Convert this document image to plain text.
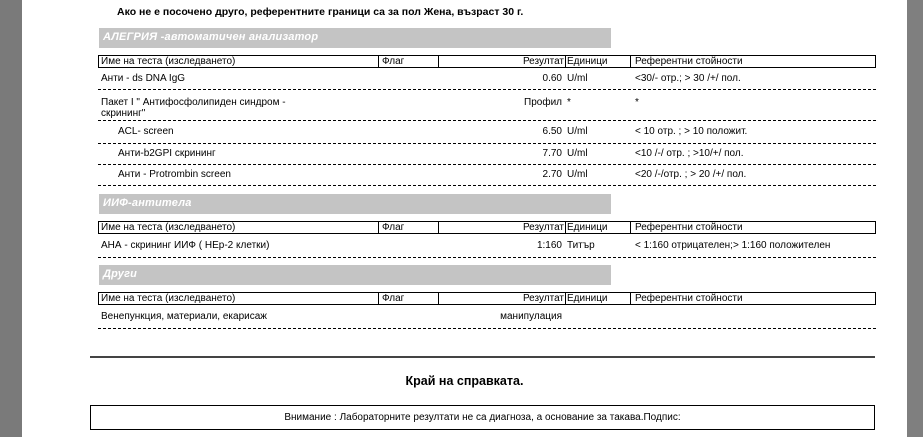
Ако не е посочено друго, референтните граници са за пол Жена, възраст 30 г.
АЛЕГРИЯ -автоматичен анализатор
Име на теста (изследването)	Флаг	Резултат Единици	Референтни стойности
Анти - ds DNA IgG	0.60 U/ml	<30/- отр.; > 30 /+/ пол.
Пакет I " Антифосфолипиден синдром -
скрининг"
Профил *	*
ACL- screen	6.50 U/ml	< 10 отр. ; > 10 положит.
Анти-b2GPI скрининг	7.70 U/ml	<10 /-/ отр. ; >10/+/ пол.
Анти - Protrombin screen	2.70 U/ml	<20 /-/отр. ; > 20 /+/ пол.
ИИФ-антитела
Име на теста (изследването)	Флаг	Резултат Единици	Референтни стойности
АНА - скрининг ИИФ ( НЕр-2 клетки)	1:160 Титър	< 1:160 отрицателен;> 1:160 положителен
Други
Име на теста (изследването)	Флаг	Резултат Единици	Референтни стойности
Венепункция, материали, екарисаж	манипулация
Край на справката.
Внимание : Лабораторните резултати не са диагноза, а основание за такава.Подпис:
